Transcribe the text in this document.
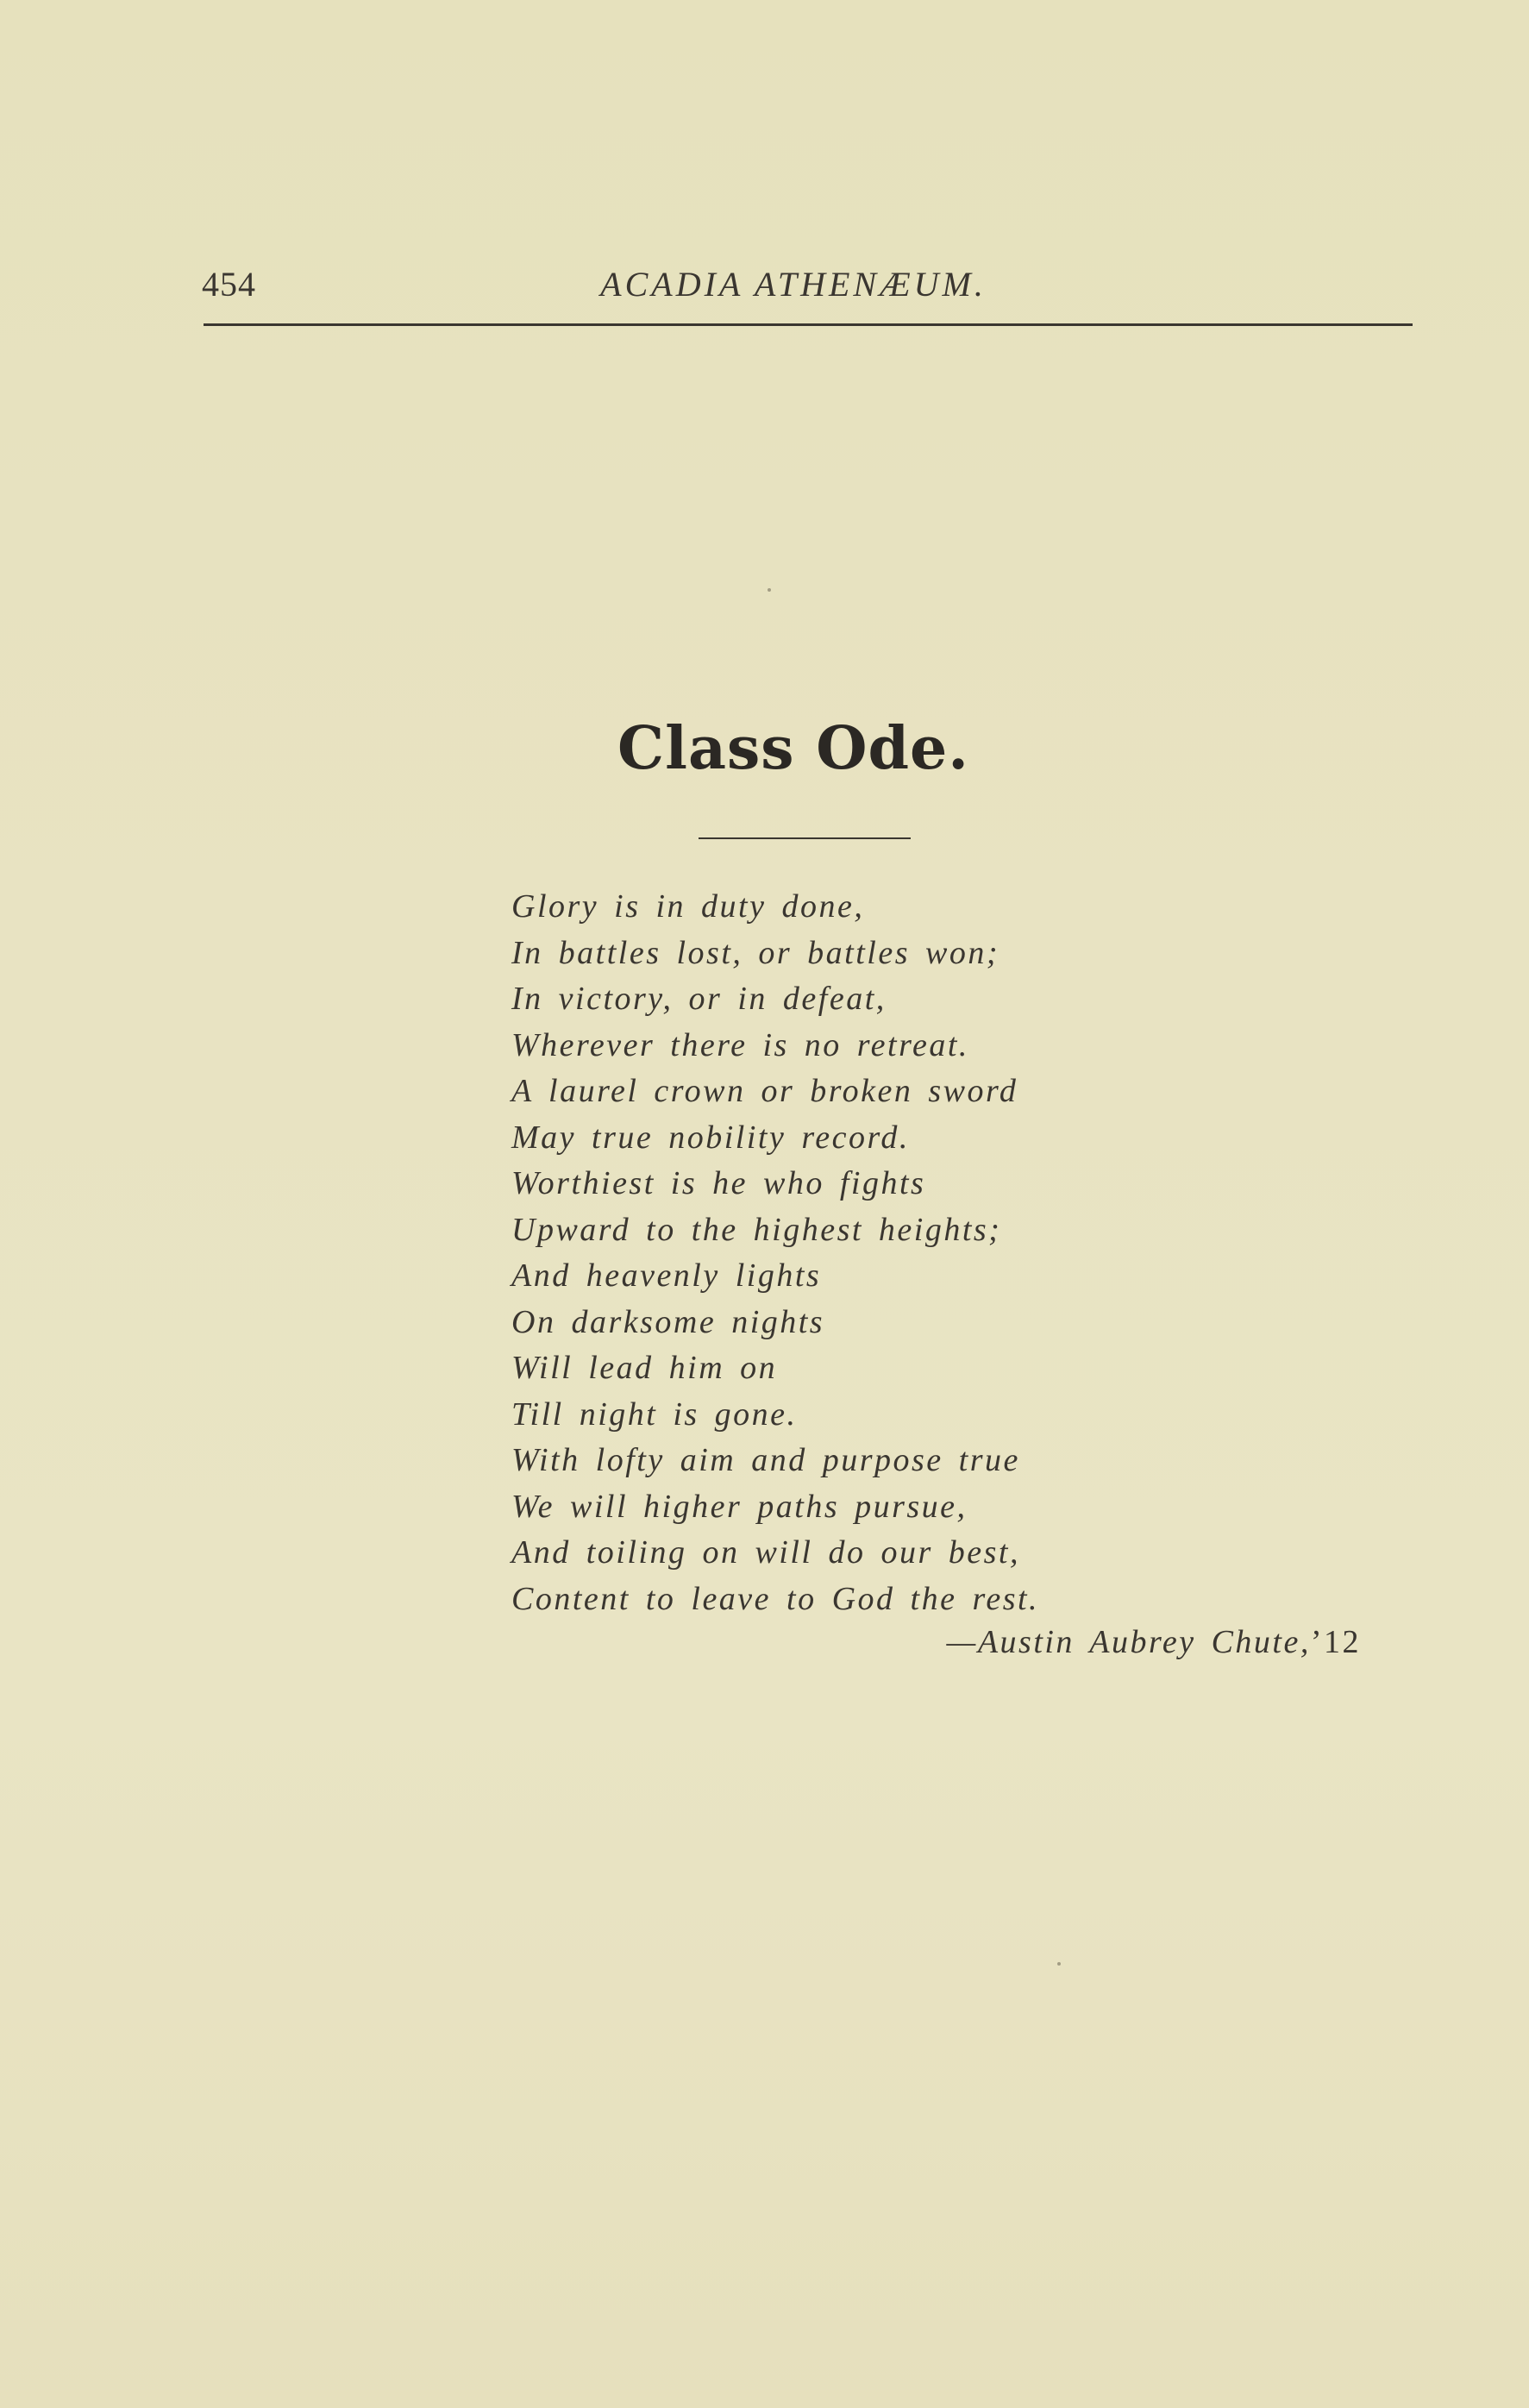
454	ACADIA ATHENÆUM.
Class Ode.
Glory is in duty done,
In battles lost, or battles won;
In victory, or in defeat,
Wherever there is no retreat.
A laurel crown or broken sword
May true nobility record.
Worthiest is he who fights
Upward to the highest heights;
And heavenly lights
On darksome nights
Will lead him on
Till night is gone.
With lofty aim and purpose true
We will higher paths pursue,
And toiling on will do our best,
Content to leave to God the rest.
—Austin Aubrey Chute,’12
